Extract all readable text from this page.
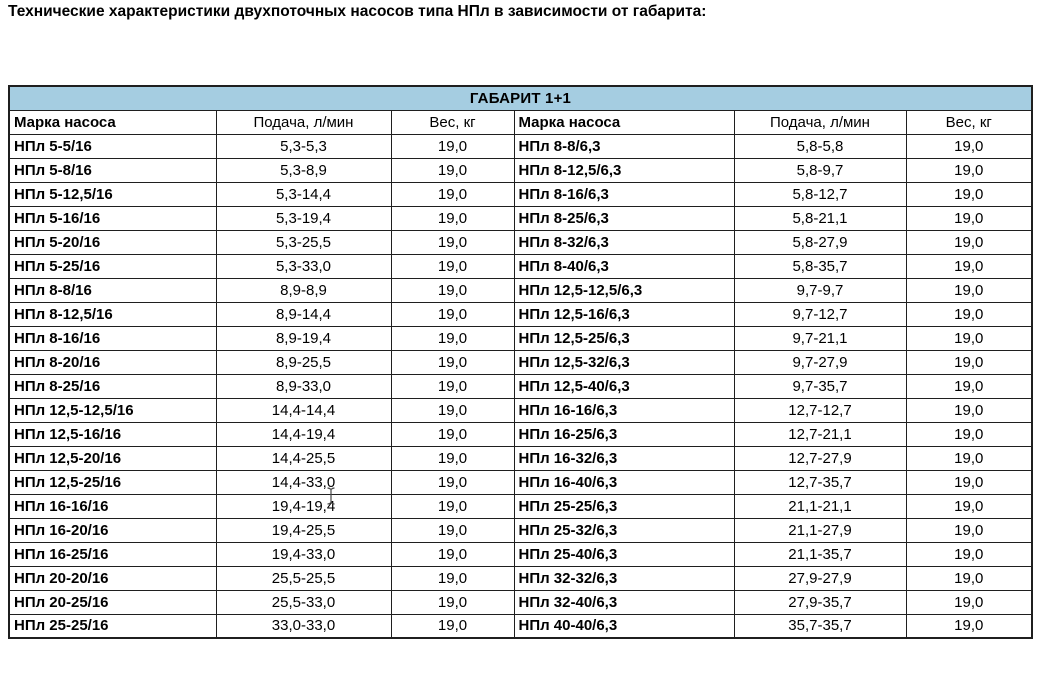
Технические характеристики двухпоточных насосов типа НПл в зависимости от габарита:
ГАБАРИТ 1+1					
Марка насоса	Подача, л/мин	Вес, кг	Марка насоса	Подача, л/мин	Вес, кг
НПл 5-5/16	5,3-5,3	19,0	НПл 8-8/6,3	5,8-5,8	19,0
НПл 5-8/16	5,3-8,9	19,0	НПл 8-12,5/6,3	5,8-9,7	19,0
НПл 5-12,5/16	5,3-14,4	19,0	НПл 8-16/6,3	5,8-12,7	19,0
НПл 5-16/16	5,3-19,4	19,0	НПл 8-25/6,3	5,8-21,1	19,0
НПл 5-20/16	5,3-25,5	19,0	НПл 8-32/6,3	5,8-27,9	19,0
НПл 5-25/16	5,3-33,0	19,0	НПл 8-40/6,3	5,8-35,7	19,0
НПл 8-8/16	8,9-8,9	19,0	НПл 12,5-12,5/6,3	9,7-9,7	19,0
НПл 8-12,5/16	8,9-14,4	19,0	НПл 12,5-16/6,3	9,7-12,7	19,0
НПл 8-16/16	8,9-19,4	19,0	НПл 12,5-25/6,3	9,7-21,1	19,0
НПл 8-20/16	8,9-25,5	19,0	НПл 12,5-32/6,3	9,7-27,9	19,0
НПл 8-25/16	8,9-33,0	19,0	НПл 12,5-40/6,3	9,7-35,7	19,0
НПл 12,5-12,5/16	14,4-14,4	19,0	НПл 16-16/6,3	12,7-12,7	19,0
НПл 12,5-16/16	14,4-19,4	19,0	НПл 16-25/6,3	12,7-21,1	19,0
НПл 12,5-20/16	14,4-25,5	19,0	НПл 16-32/6,3	12,7-27,9	19,0
НПл 12,5-25/16	14,4-33,0	19,0	НПл 16-40/6,3	12,7-35,7	19,0
НПл 16-16/16	19,4-19,4	19,0	НПл 25-25/6,3	21,1-21,1	19,0
НПл 16-20/16	19,4-25,5	19,0	НПл 25-32/6,3	21,1-27,9	19,0
НПл 16-25/16	19,4-33,0	19,0	НПл 25-40/6,3	21,1-35,7	19,0
НПл 20-20/16	25,5-25,5	19,0	НПл 32-32/6,3	27,9-27,9	19,0
НПл 20-25/16	25,5-33,0	19,0	НПл 32-40/6,3	27,9-35,7	19,0
НПл 25-25/16	33,0-33,0	19,0	НПл 40-40/6,3	35,7-35,7	19,0
